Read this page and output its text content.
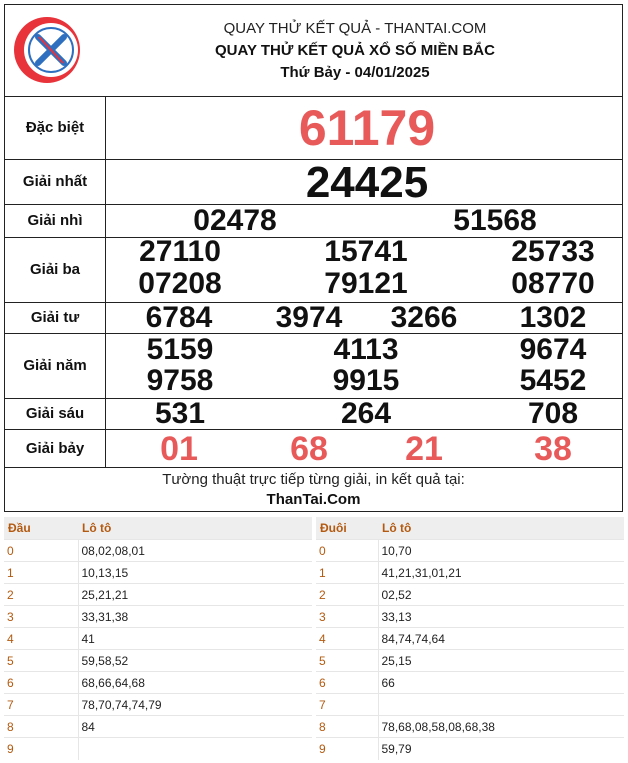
QUAY THỬ KẾT QUẢ - THANTAI.COM
QUAY THỬ KẾT QUẢ XỔ SỐ MIỀN BẮC
Thứ Bảy - 04/01/2025
Đặc biệt	61179
Giải nhất	24425
Giải nhì	02478	51568
Giải ba
27110	15741	25733
07208	79121	08770
Giải tư	6784 3974 3266 1302
Giải năm	5159	4113	9674
9758	9915	5452
Giải sáu	531	264	708
Giải bảy	01	68 21	38
Tường thuật trực tiếp từng giải, in kết quả tại:
ThanTai.Com
Đầu	Lô tô
0	08,02,08,01
1	10,13,15
2	25,21,21
3	33,31,38
4	41
5	59,58,52
6	68,66,64,68
7	78,70,74,74,79
8	84
9	
Đuôi	Lô tô
0	10,70
1	41,21,31,01,21
2	02,52
3	33,13
4	84,74,74,64
5	25,15
6	66
7	
8	78,68,08,58,08,68,38
9	59,79
